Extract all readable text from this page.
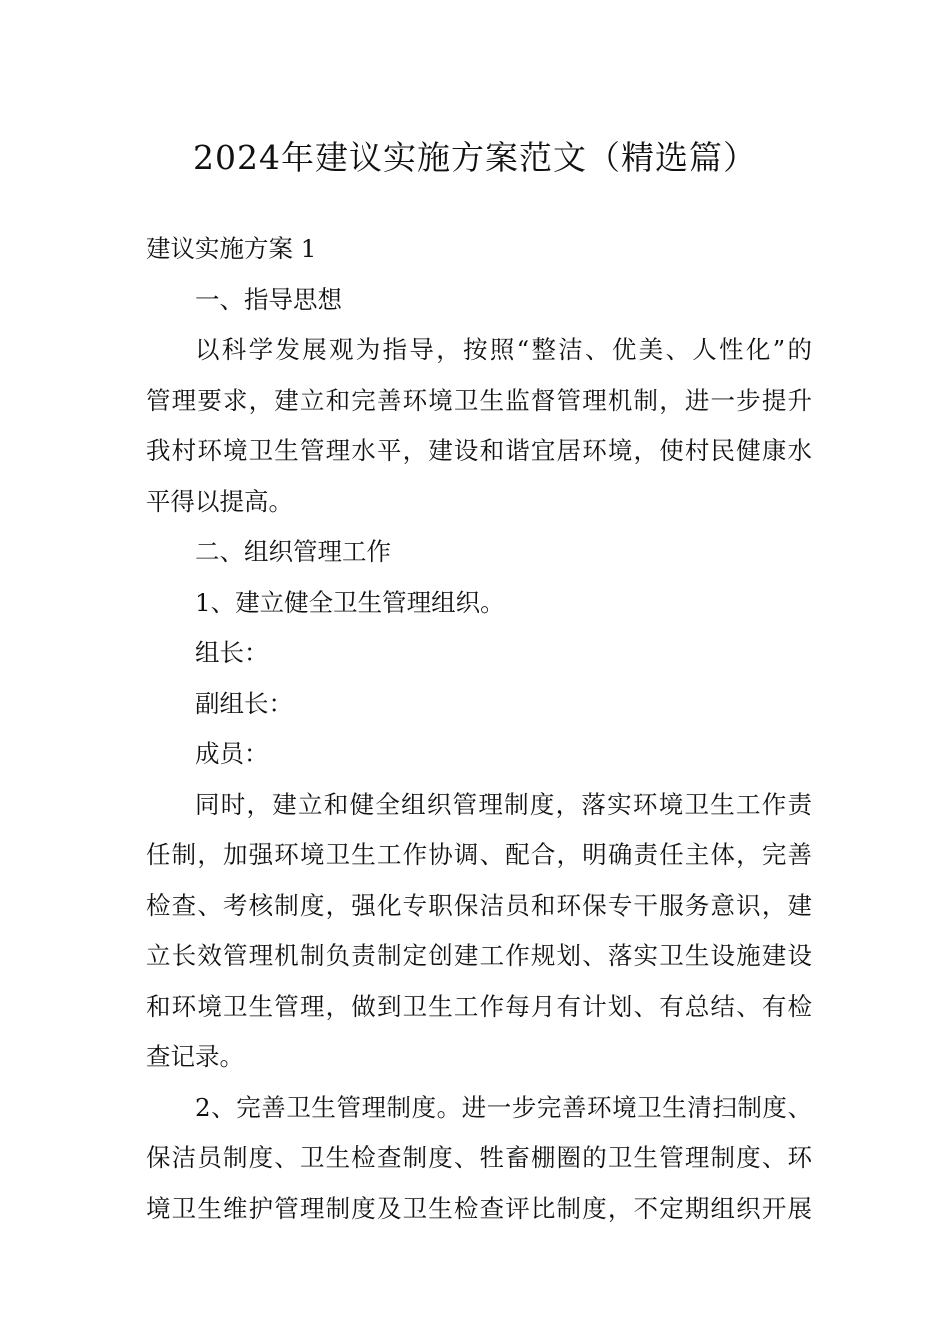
2024年建议实施方案范文（精选篇）
建议实施方案 1
一、指导思想
以科学发展观为指导，按照“整洁、优美、人性化”的
管理要求，建立和完善环境卫生监督管理机制，进一步提升
我村环境卫生管理水平，建设和谐宜居环境，使村民健康水
平得以提高。
二、组织管理工作
1、建立健全卫生管理组织。
组长：
副组长：
成员：
同时，建立和健全组织管理制度，落实环境卫生工作责
任制，加强环境卫生工作协调、配合，明确责任主体，完善
检查、考核制度，强化专职保洁员和环保专干服务意识，建
立长效管理机制负责制定创建工作规划、落实卫生设施建设
和环境卫生管理，做到卫生工作每月有计划、有总结、有检
查记录。
2、完善卫生管理制度。进一步完善环境卫生清扫制度、
保洁员制度、卫生检查制度、牲畜棚圈的卫生管理制度、环
境卫生维护管理制度及卫生检查评比制度，不定期组织开展
